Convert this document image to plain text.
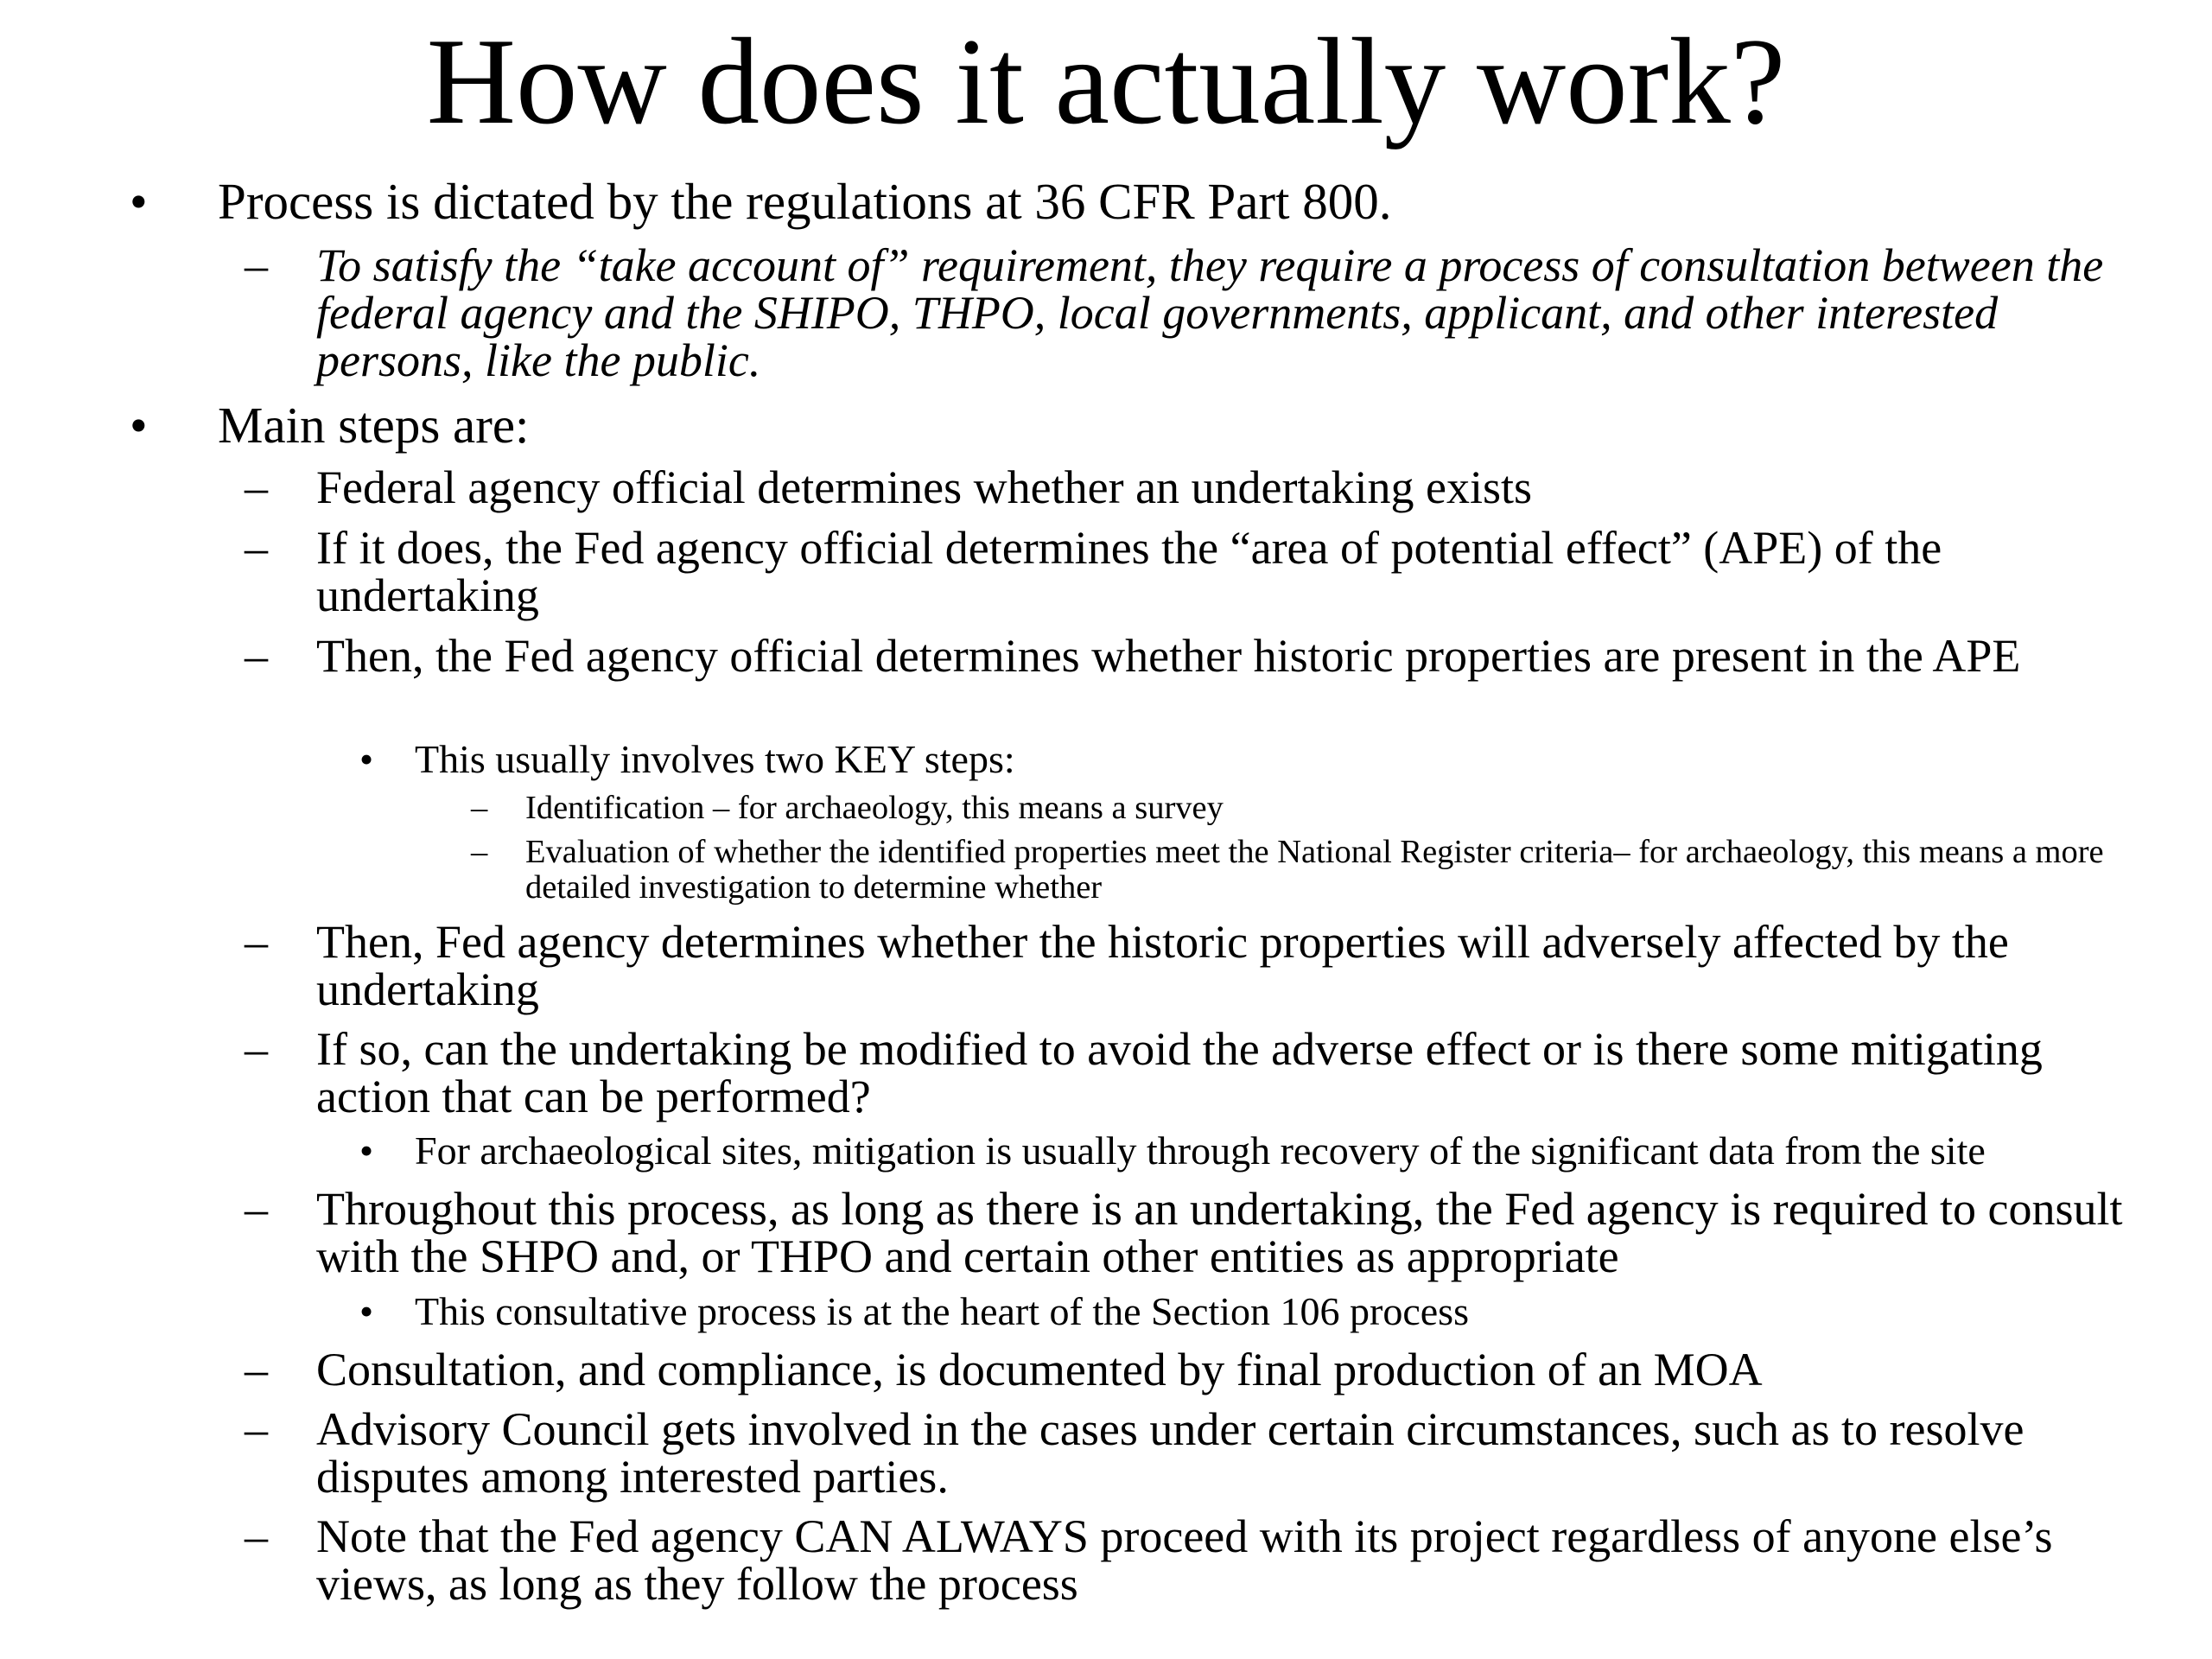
How does it actually work?
• Process is dictated by the regulations at 36 CFR Part 800.
– To satisfy the “take account of” requirement, they require a process of consultation between the federal agency and the SHIPO, THPO, local governments, applicant, and other interested persons, like the public.
• Main steps are:
– Federal agency official determines whether an undertaking exists
– If it does, the Fed agency official determines the “area of potential effect” (APE) of the undertaking
– Then, the Fed agency official determines whether historic properties are present in the APE
• This usually involves two KEY steps:
– Identification – for archaeology, this means a survey
– Evaluation of whether the identified properties meet the National Register criteria– for archaeology, this means a more detailed investigation to determine whether
– Then, Fed agency determines whether the historic properties will adversely affected by the undertaking
– If so, can the undertaking be modified to avoid the adverse effect or is there some mitigating action that can be performed?
• For archaeological sites, mitigation is usually through recovery of the significant data from the site
– Throughout this process, as long as there is an undertaking, the Fed agency is required to consult with the SHPO and, or THPO and certain other entities as appropriate
• This consultative process is at the heart of the Section 106 process
– Consultation, and compliance, is documented by final production of an MOA
– Advisory Council gets involved in the cases under certain circumstances, such as to resolve disputes among interested parties.
– Note that the Fed agency CAN ALWAYS proceed with its project regardless of anyone else’s views, as long as they follow the process
